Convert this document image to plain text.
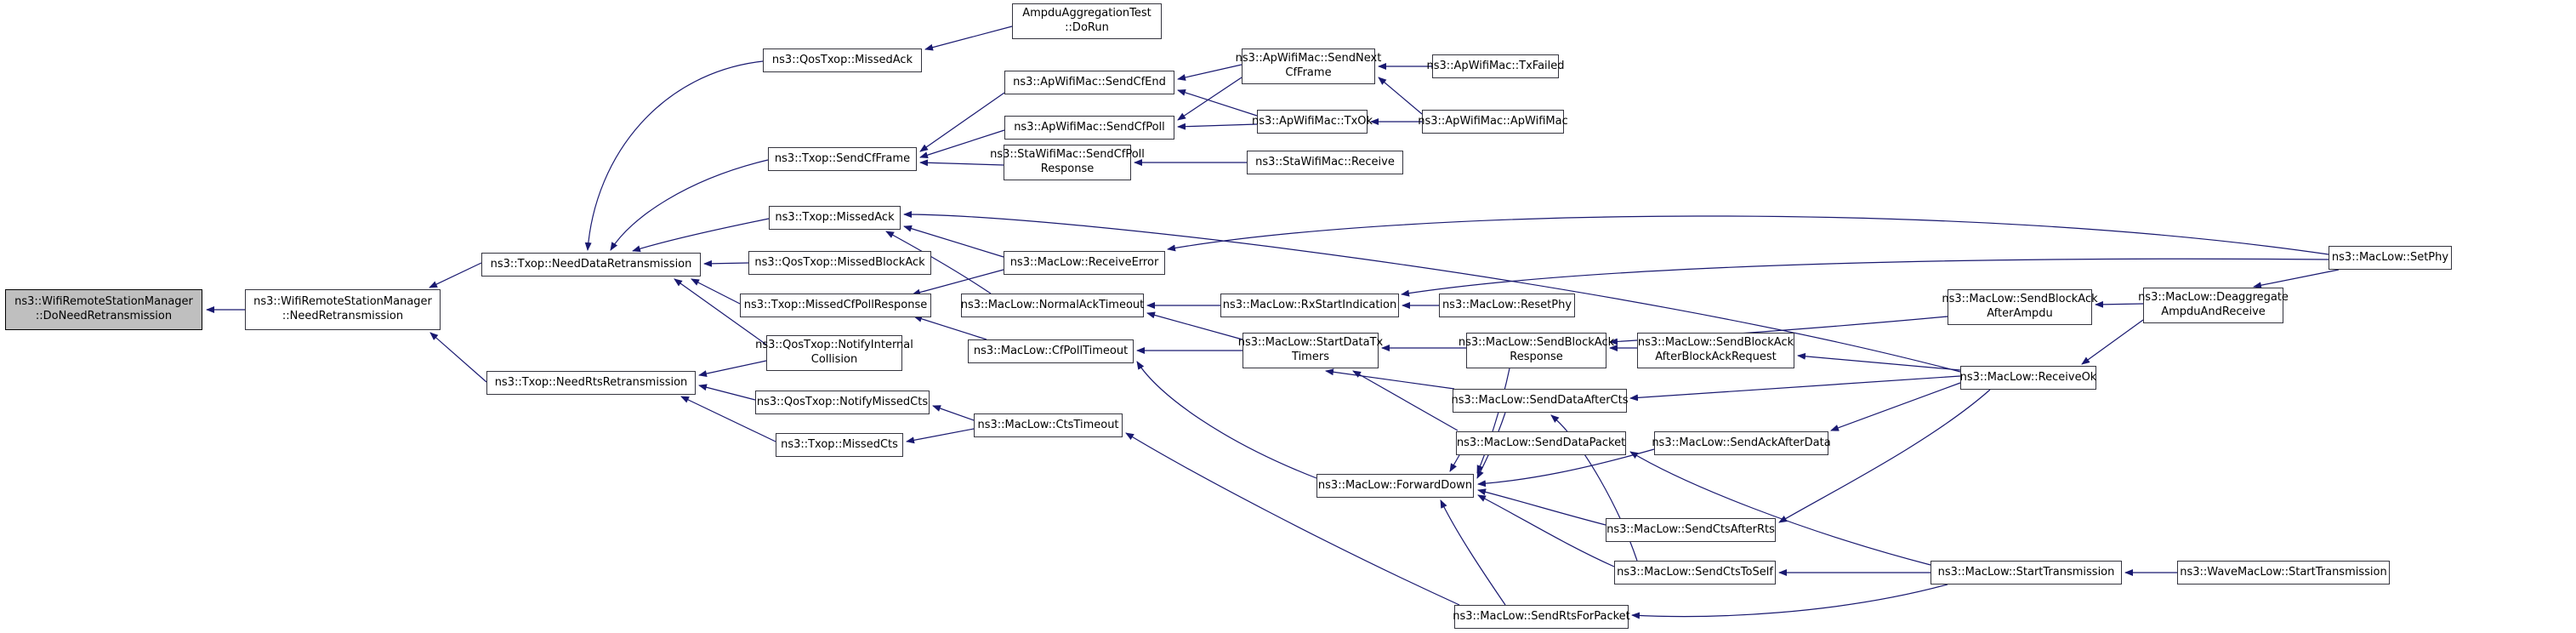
ns3::WifiRemoteStationManager
::DoNeedRetransmission
ns3::WifiRemoteStationManager
::NeedRetransmission
ns3::Txop::NeedDataRetransmission
ns3::Txop::NeedRtsRetransmission
AmpduAggregationTest
::DoRun
ns3::QosTxop::MissedAck
ns3::ApWifiMac::SendCfEnd
ns3::ApWifiMac::SendNext
CfFrame
ns3::ApWifiMac::TxFailed
ns3::ApWifiMac::SendCfPoll	ns3::ApWifiMac::TxOk	ns3::ApWifiMac::ApWifiMac
ns3::Txop::SendCfFrame	ns3::StaWifiMac::SendCfPoll
Response
ns3::StaWifiMac::Receive
ns3::Txop::MissedAck
ns3::QosTxop::MissedBlockAck	ns3::MacLow::ReceiveError
ns3::Txop::MissedCfPollResponse	ns3::MacLow::NormalAckTimeout	ns3::MacLow::RxStartIndication	ns3::MacLow::ResetPhy
ns3::QosTxop::NotifyInternal
Collision
ns3::MacLow::CfPollTimeout
ns3::QosTxop::NotifyMissedCts
ns3::Txop::MissedCts
ns3::MacLow::CtsTimeout
ns3::MacLow::StartDataTx
Timers
ns3::MacLow::SendBlockAck
Response
ns3::MacLow::SendBlockAck
AfterBlockAckRequest
ns3::MacLow::SendDataAfterCts
ns3::MacLow::SendDataPacket ns3::MacLow::SendAckAfterData
ns3::MacLow::ForwardDown
ns3::MacLow::SendCtsAfterRts
ns3::MacLow::SendCtsToSelf	ns3::MacLow::StartTransmission	ns3::WaveMacLow::StartTransmission
ns3::MacLow::SendRtsForPacket
ns3::MacLow::SendBlockAck
AfterAmpdu
ns3::MacLow::Deaggregate
AmpduAndReceive
ns3::MacLow::ReceiveOk
ns3::MacLow::SetPhy
